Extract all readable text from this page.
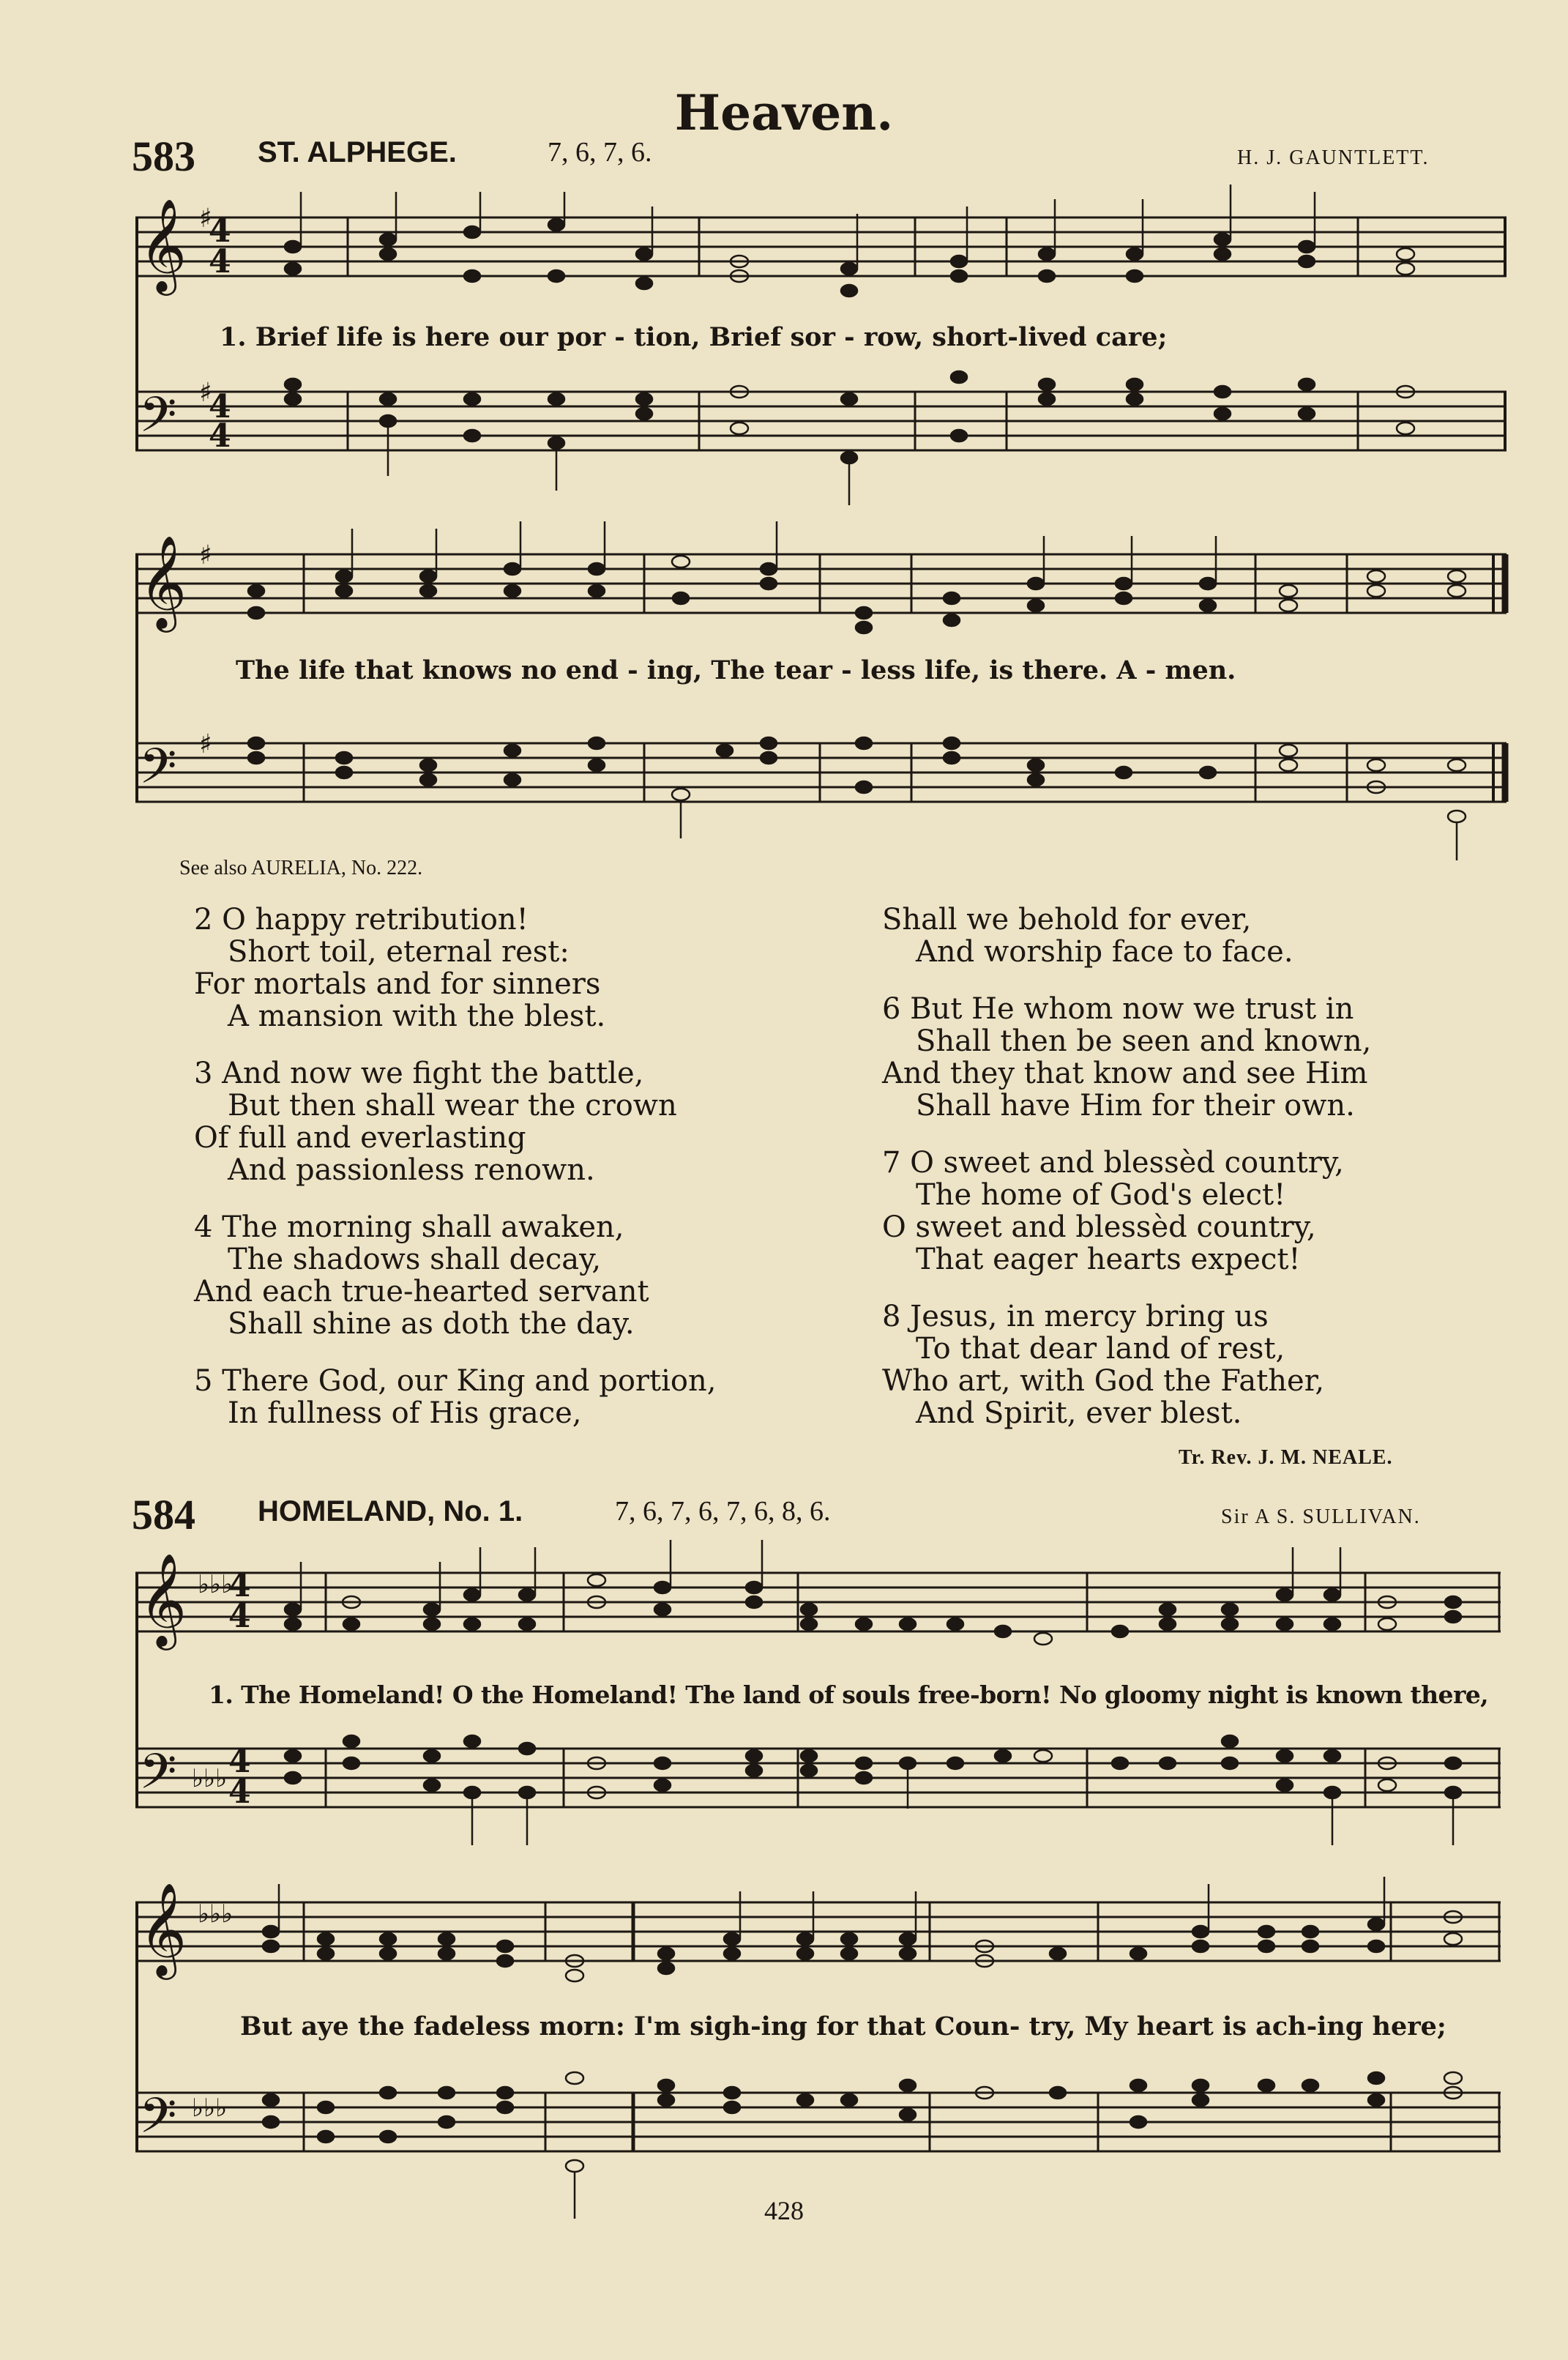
Heaven.
583 ST. ALPHEGE.	7, 6, 7, 6.	H. J. GAUNTLETT.
𝄞
𝄢
4
4
♯
♯
4
4
𝄞
𝄢
♯
♯
𝄞
𝄢
♭♭♭
4
4
♭♭♭ 4
4
𝄞
𝄢
♭♭♭
♭♭♭
1. Brief life is here our por - tion, Brief sor - row, short-lived care;
The life that knows no end - ing, The tear - less life, is there. A - men.
See also AURELIA, No. 222.
2 O happy retribution!
Short toil, eternal rest:
For mortals and for sinners
A mansion with the blest.
3 And now we fight the battle,
But then shall wear the crown
Of full and everlasting
And passionless renown.
4 The morning shall awaken,
The shadows shall decay,
And each true-hearted servant
Shall shine as doth the day.
5 There God, our King and portion,
In fullness of His grace,
Shall we behold for ever,
And worship face to face.
6 But He whom now we trust in
Shall then be seen and known,
And they that know and see Him
Shall have Him for their own.
7 O sweet and blessèd country,
The home of God's elect!
O sweet and blessèd country,
That eager hearts expect!
8 Jesus, in mercy bring us
To that dear land of rest,
Who art, with God the Father,
And Spirit, ever blest.
Tr. Rev. J. M. NEALE.
584 HOMELAND, No. 1.	7, 6, 7, 6, 7, 6, 8, 6.	Sir A S. SULLIVAN.
1. The Homeland! O the Homeland! The land of souls free-born! No gloomy night is known there,
But aye the fadeless morn: I'm sigh-ing for that Coun- try, My heart is ach-ing here;
428
